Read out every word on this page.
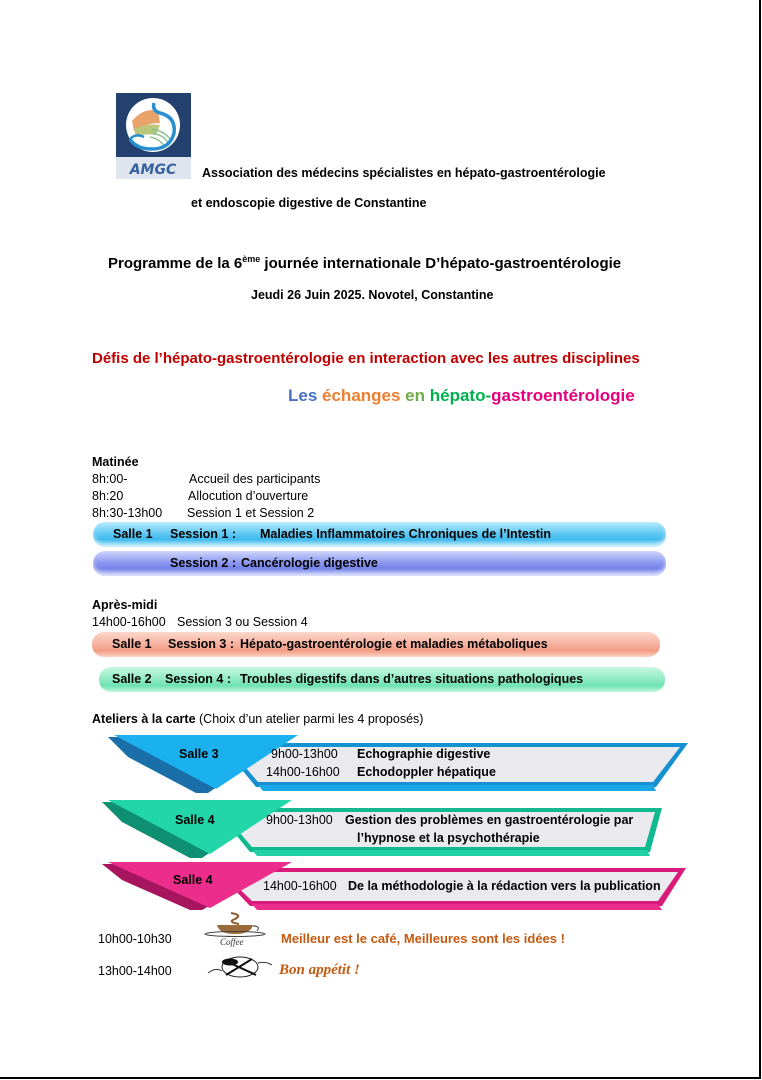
AMGC Association des médecins spécialistes en hépato-gastroentérologie
et endoscopie digestive de Constantine
Programme de la 6ème journée internationale D’hépato-gastroentérologie
Jeudi 26 Juin 2025. Novotel, Constantine
Défis de l’hépato-gastroentérologie en interaction avec les autres disciplines
Les échanges en hépato-gastroentérologie
Matinée
8h:00-	Accueil des participants
8h:20	Allocution d’ouverture
8h:30-13h00 Session 1 et Session 2
Salle 1 Session 1 : Maladies Inflammatoires Chroniques de l’Intestin
Session 2 : Cancérologie digestive
Après-midi
14h00-16h00 Session 3 ou Session 4
Salle 1 Session 3 : Hépato-gastroentérologie et maladies métaboliques
Salle 2 Session 4 : Troubles digestifs dans d’autres situations pathologiques
Ateliers à la carte (Choix d’un atelier parmi les 4 proposés)
Salle 3	9h00-13h00 Echographie digestive
14h00-16h00 Echodoppler hépatique
Salle 4	9h00-13h00 Gestion des problèmes en gastroentérologie par
l’hypnose et la psychothérapie
Salle 4	14h00-16h00 De la méthodologie à la rédaction vers la publication
10h00-10h30	Coffee	Meilleur est le café, Meilleures sont les idées !
13h00-14h00	Bon appétit !
